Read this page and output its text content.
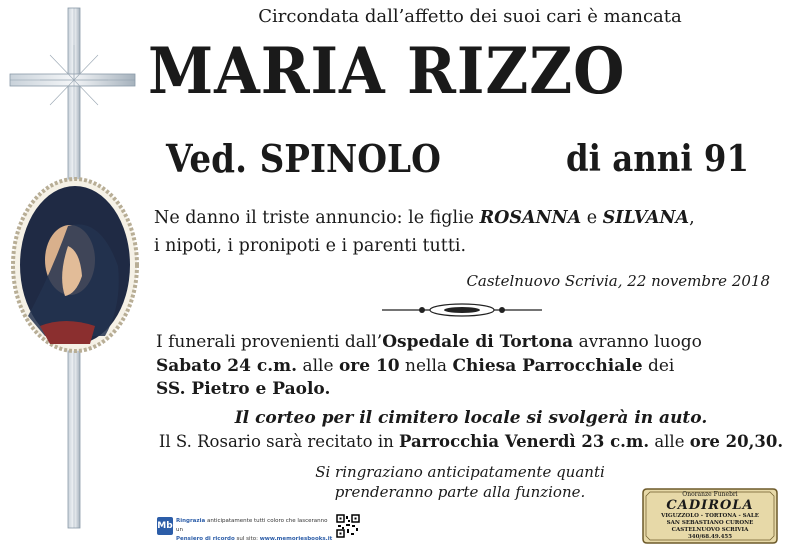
Circondata dall’affetto dei suoi cari è mancata
MARIA RIZZO
Ved. SPINOLO	di anni 91
Ne danno il triste annuncio: le figlie ROSANNA e SILVANA,
i nipoti, i pronipoti e i parenti tutti.
Castelnuovo Scrivia, 22 novembre 2018
I funerali provenienti dall’Ospedale di Tortona avranno luogo
Sabato 24 c.m. alle ore 10 nella Chiesa Parrocchiale dei
SS. Pietro e Paolo.
Il corteo per il cimitero locale si svolgerà in auto.
Il S. Rosario sarà recitato in Parrocchia Venerdì 23 c.m. alle ore 20,30.
Si ringraziano anticipatamente quanti
prenderanno parte alla funzione.
Mb Ringrazia anticipatamente tutti coloro che lasceranno un
Pensiero di ricordo sul sito: www.memoriesbooks.it
Onoranze Funebri
CADIROLA
VIGUZZOLO - TORTONA - SALE
SAN SEBASTIANO CURONE
CASTELNUOVO SCRIVIA
340/68.49.455
